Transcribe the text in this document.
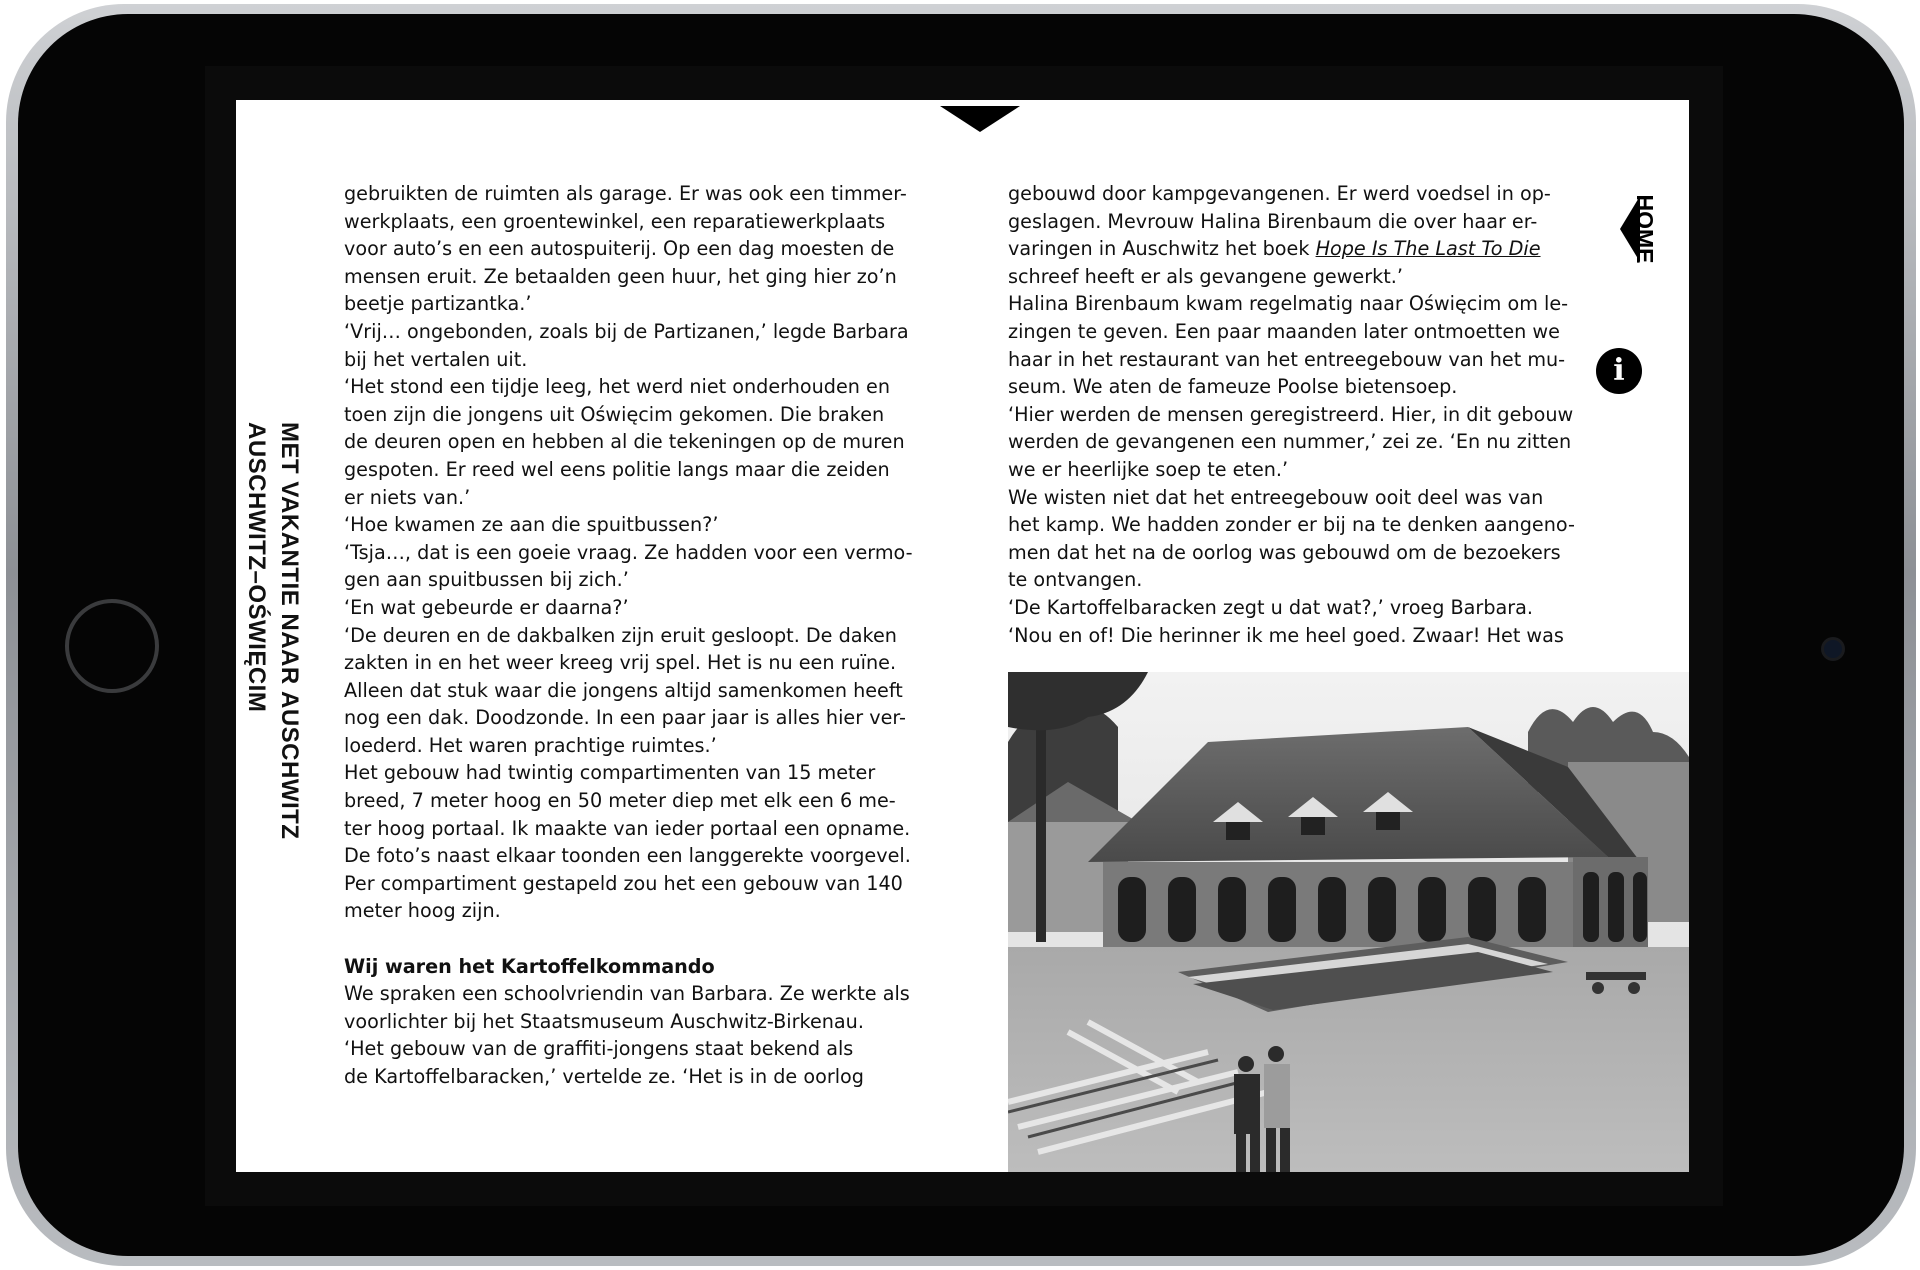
MET VAKANTIE NAAR AUSCHWITZ
AUSCHWITZ–OŚWIĘCIM
gebruikten de ruimten als garage. Er was ook een timmer-
werkplaats, een groentewinkel, een reparatiewerkplaats
voor auto’s en een autospuiterij. Op een dag moesten de
mensen eruit. Ze betaalden geen huur, het ging hier zo’n
beetje partizantka.’
‘Vrij… ongebonden, zoals bij de Partizanen,’ legde Barbara
bij het vertalen uit.
‘Het stond een tijdje leeg, het werd niet onderhouden en
toen zijn die jongens uit Oświęcim gekomen. Die braken
de deuren open en hebben al die tekeningen op de muren
gespoten. Er reed wel eens politie langs maar die zeiden
er niets van.’
‘Hoe kwamen ze aan die spuitbussen?’
‘Tsja…, dat is een goeie vraag. Ze hadden voor een vermo-
gen aan spuitbussen bij zich.’
‘En wat gebeurde er daarna?’
‘De deuren en de dakbalken zijn eruit gesloopt. De daken
zakten in en het weer kreeg vrij spel. Het is nu een ruïne.
Alleen dat stuk waar die jongens altijd samenkomen heeft
nog een dak. Doodzonde. In een paar jaar is alles hier ver-
loederd. Het waren prachtige ruimtes.’
Het gebouw had twintig compartimenten van 15 meter
breed, 7 meter hoog en 50 meter diep met elk een 6 me-
ter hoog portaal. Ik maakte van ieder portaal een opname.
De foto’s naast elkaar toonden een langgerekte voorgevel.
Per compartiment gestapeld zou het een gebouw van 140
meter hoog zijn.
Wij waren het Kartoffelkommando
We spraken een schoolvriendin van Barbara. Ze werkte als
voorlichter bij het Staatsmuseum Auschwitz-Birkenau.
‘Het gebouw van de graffiti-jongens staat bekend als
de Kartoffelbaracken,’ vertelde ze. ‘Het is in de oorlog
gebouwd door kampgevangenen. Er werd voedsel in op-
geslagen. Mevrouw Halina Birenbaum die over haar er-
varingen in Auschwitz het boek Hope Is The Last To Die
schreef heeft er als gevangene gewerkt.’
Halina Birenbaum kwam regelmatig naar Oświęcim om le-
zingen te geven. Een paar maanden later ontmoetten we
haar in het restaurant van het entreegebouw van het mu-
seum. We aten de fameuze Poolse bietensoep.
‘Hier werden de mensen geregistreerd. Hier, in dit gebouw
werden de gevangenen een nummer,’ zei ze. ‘En nu zitten
we er heerlijke soep te eten.’
We wisten niet dat het entreegebouw ooit deel was van
het kamp. We hadden zonder er bij na te denken aangeno-
men dat het na de oorlog was gebouwd om de bezoekers
te ontvangen.
‘De Kartoffelbaracken zegt u dat wat?,’ vroeg Barbara.
‘Nou en of! Die herinner ik me heel goed. Zwaar! Het was
HOME
i
